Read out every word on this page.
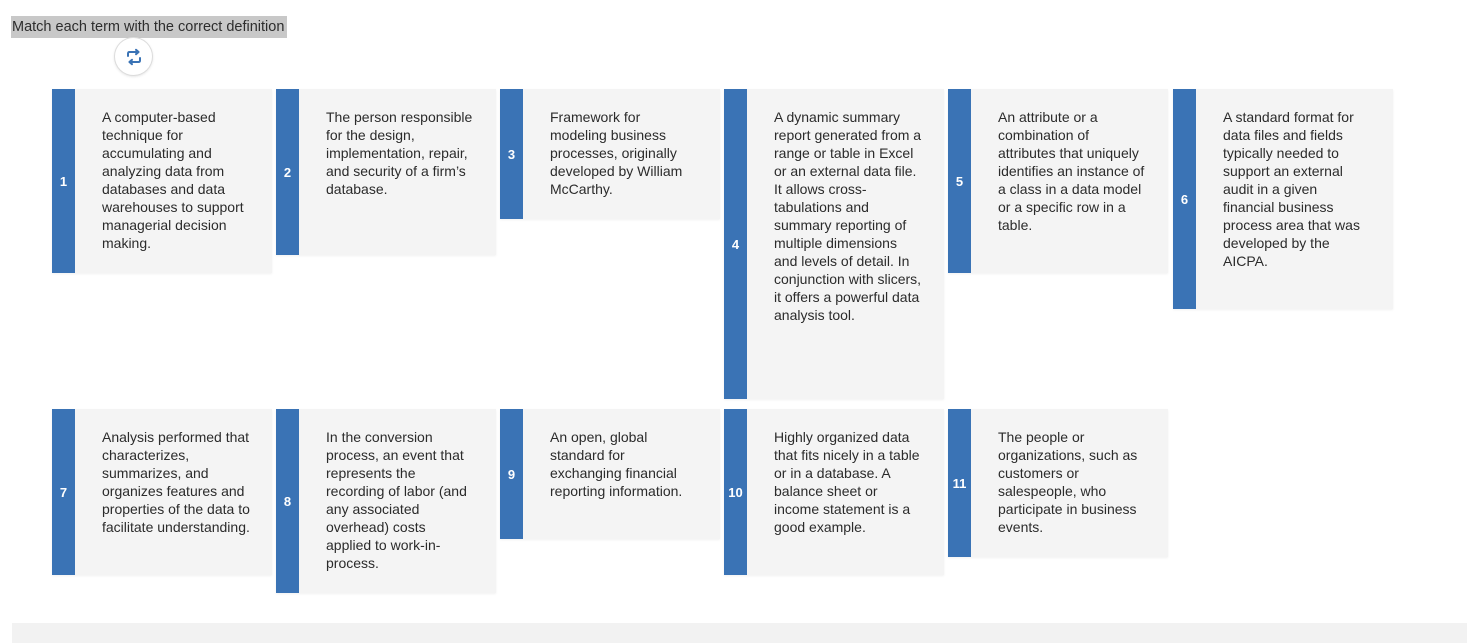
Match each term with the correct definition
1
A computer-based technique for accumulating and analyzing data from databases and data warehouses to support managerial decision making.
2
The person responsible for the design, implementation, repair, and security of a firm’s database.
3
Framework for modeling business processes, originally developed by William McCarthy.
4
A dynamic summary report generated from a range or table in Excel or an external data file. It allows cross-tabulations and summary reporting of multiple dimensions and levels of detail. In conjunction with slicers, it offers a powerful data analysis tool.
5
An attribute or a combination of attributes that uniquely identifies an instance of a class in a data model or a specific row in a table.
6
A standard format for data files and fields typically needed to support an external audit in a given financial business process area that was developed by the AICPA.
7
Analysis performed that characterizes, summarizes, and organizes features and properties of the data to facilitate understanding.
8
In the conversion process, an event that represents the recording of labor (and any associated overhead) costs applied to work-in-process.
9
An open, global standard for exchanging financial reporting information.	10
Highly organized data that fits nicely in a table or in a database. A balance sheet or income statement is a good example.
11
The people or organizations, such as customers or salespeople, who participate in business events.
